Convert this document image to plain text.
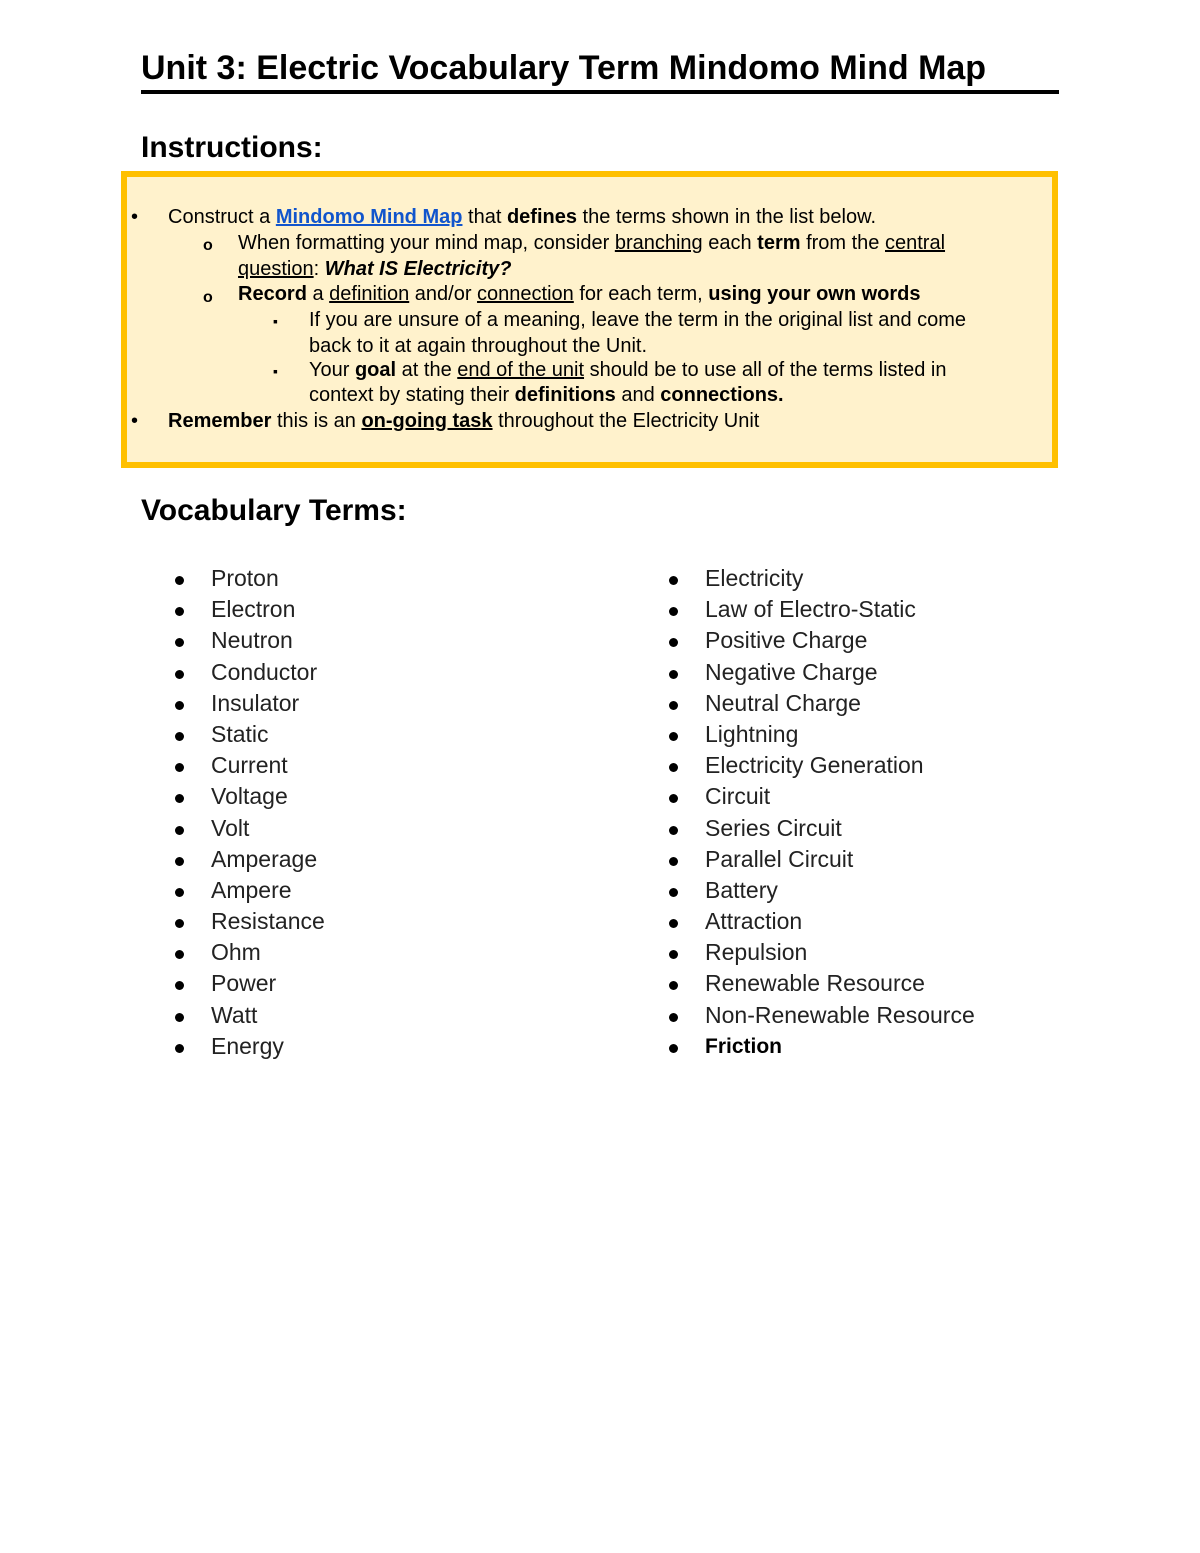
Unit 3: Electric Vocabulary Term Mindomo Mind Map
Instructions:
• Construct a Mindomo Mind Map that defines the terms shown in the list below.
o When formatting your mind map, consider branching each term from the central
question: What IS Electricity?
o Record a definition and/or connection for each term, using your own words
▪ If you are unsure of a meaning, leave the term in the original list and come
back to it at again throughout the Unit.
▪ Your goal at the end of the unit should be to use all of the terms listed in
context by stating their definitions and connections.
• Remember this is an on-going task throughout the Electricity Unit
Vocabulary Terms:
Proton
Electron
Neutron
Conductor
Insulator
Static
Current
Voltage
Volt
Amperage
Ampere
Resistance
Ohm
Power
Watt
Energy
Electricity
Law of Electro-Static
Positive Charge
Negative Charge
Neutral Charge
Lightning
Electricity Generation
Circuit
Series Circuit
Parallel Circuit
Battery
Attraction
Repulsion
Renewable Resource
Non-Renewable Resource
Friction
